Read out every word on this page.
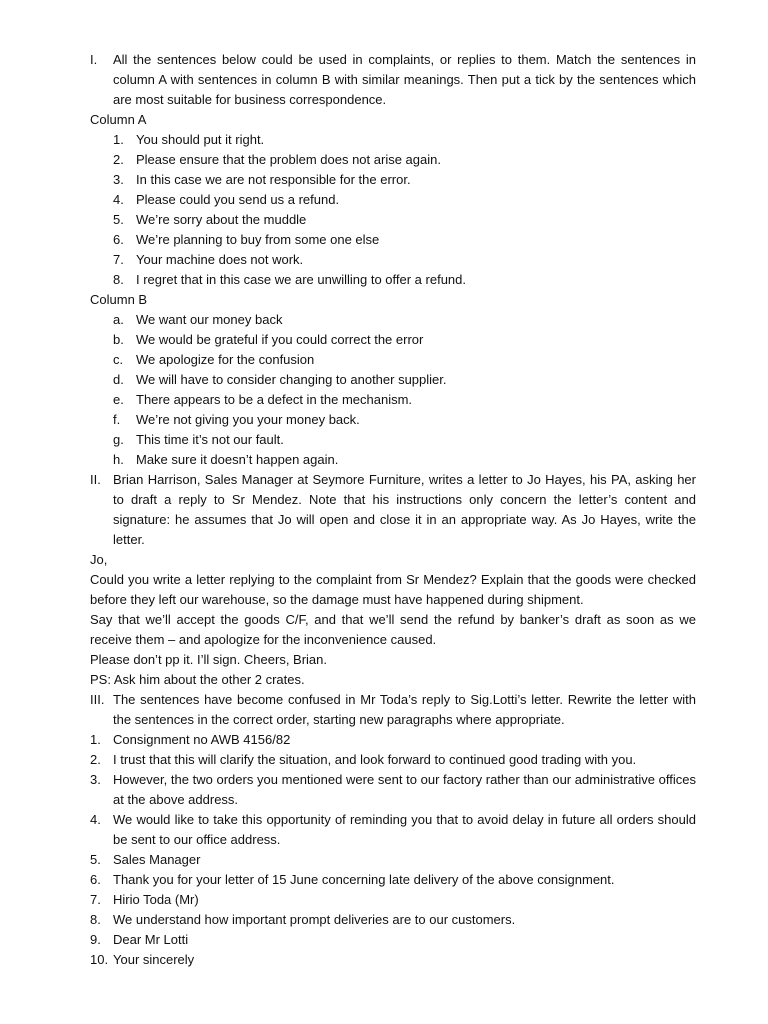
I. All the sentences below could be used in complaints, or replies to them. Match the sentences in column A with sentences in column B with similar meanings. Then put a tick by the sentences which are most suitable for business correspondence.
Column A
1. You should put it right.
2. Please ensure that the problem does not arise again.
3. In this case we are not responsible for the error.
4. Please could you send us a refund.
5. We’re sorry about the muddle
6. We’re planning to buy from some one else
7. Your machine does not work.
8. I regret that in this case we are unwilling to offer a refund.
Column B
a. We want our money back
b. We would be grateful if you could correct the error
c. We apologize for the confusion
d. We will have to consider changing to another supplier.
e. There appears to be a defect in the mechanism.
f. We’re not giving you your money back.
g. This time it’s not our fault.
h. Make sure it doesn’t happen again.
II. Brian Harrison, Sales Manager at Seymore Furniture, writes a letter to Jo Hayes, his PA, asking her to draft a reply to Sr Mendez. Note that his instructions only concern the letter’s content and signature: he assumes that Jo will open and close it in an appropriate way. As Jo Hayes, write the letter.
Jo,
Could you write a letter replying to the complaint from Sr Mendez? Explain that the goods were checked before they left our warehouse, so the damage must have happened during shipment.
Say that we’ll accept the goods C/F, and that we’ll send the refund by banker’s draft as soon as we receive them – and apologize for the inconvenience caused.
Please don’t pp it. I’ll sign. Cheers, Brian.
PS: Ask him about the other 2 crates.
III. The sentences have become confused in Mr Toda’s reply to Sig.Lotti’s letter. Rewrite the letter with the sentences in the correct order, starting new paragraphs where appropriate.
1. Consignment no AWB 4156/82
2. I trust that this will clarify the situation, and look forward to continued good trading with you.
3. However, the two orders you mentioned were sent to our factory rather than our administrative offices at the above address.
4. We would like to take this opportunity of reminding you that to avoid delay in future all orders should be sent to our office address.
5. Sales Manager
6. Thank you for your letter of 15 June concerning late delivery of the above consignment.
7. Hirio Toda (Mr)
8. We understand how important prompt deliveries are to our customers.
9. Dear Mr Lotti
10. Your sincerely
